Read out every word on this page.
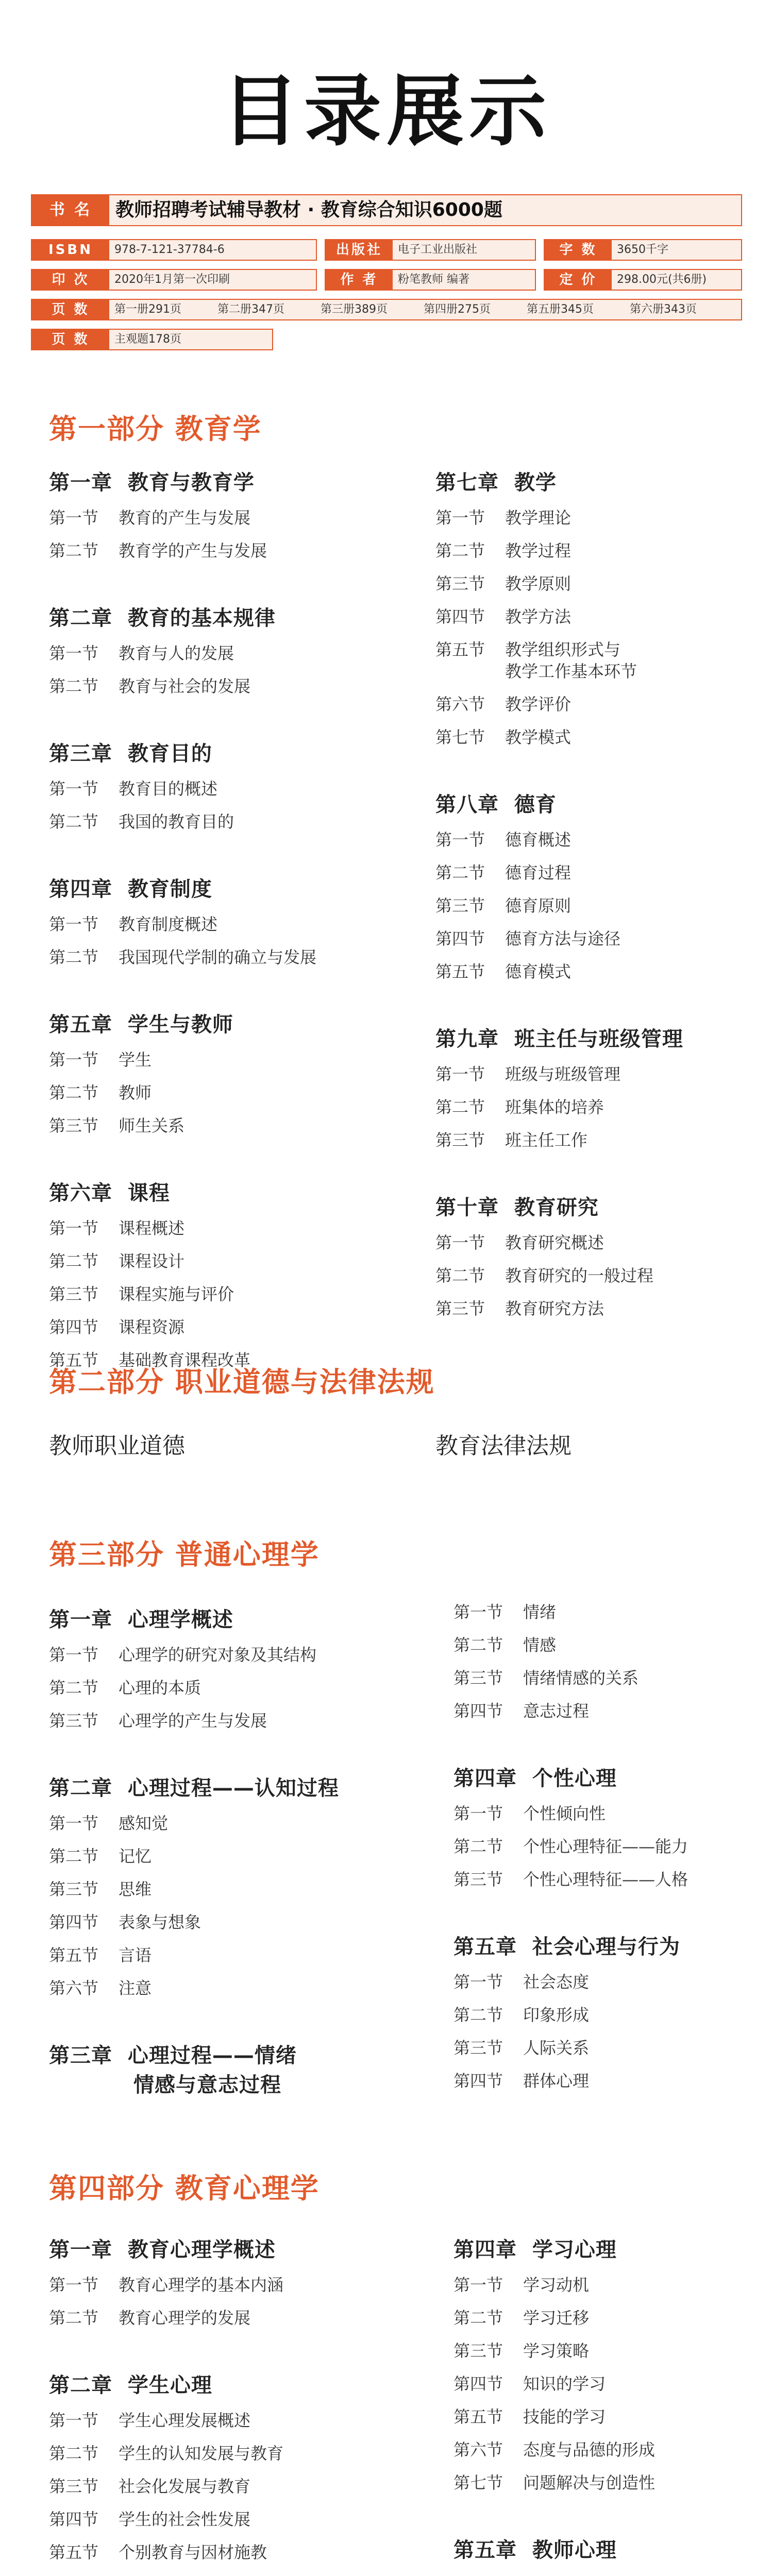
目录展示
书 名	教师招聘考试辅导教材 · 教育综合知识6000题
ISBN	978-7-121-37784-6	出版社	电子工业出版社	字 数	3650千字
印 次	2020年1月第一次印刷	作 者	粉笔教师 编著	定 价	298.00元(共6册)
页 数	第一册291页	第二册347页	第三册389页	第四册275页	第五册345页	第六册343页
页 数	主观题178页
第一部分 教育学
第二部分 职业道德与法律法规
第三部分 普通心理学
第四部分 教育心理学
第一章  教育与教育学
第一节	教育的产生与发展
第二节	教育学的产生与发展
第二章  教育的基本规律
第一节	教育与人的发展
第二节	教育与社会的发展
第三章  教育目的
第一节	教育目的概述
第二节	我国的教育目的
第四章  教育制度
第一节	教育制度概述
第二节	我国现代学制的确立与发展
第五章  学生与教师
第一节	学生
第二节	教师
第三节	师生关系
第六章  课程
第一节	课程概述
第二节	课程设计
第三节	课程实施与评价
第四节	课程资源
第五节	基础教育课程改革
第七章  教学
第一节	教学理论
第二节	教学过程
第三节	教学原则
第四节	教学方法
第五节	教学组织形式与
教学工作基本环节
第六节	教学评价
第七节	教学模式
第八章  德育
第一节	德育概述
第二节	德育过程
第三节	德育原则
第四节	德育方法与途径
第五节	德育模式
第九章  班主任与班级管理
第一节	班级与班级管理
第二节	班集体的培养
第三节	班主任工作
第十章  教育研究
第一节	教育研究概述
第二节	教育研究的一般过程
第三节	教育研究方法
教师职业道德	教育法律法规
第一章  心理学概述
第一节	心理学的研究对象及其结构
第二节	心理的本质
第三节	心理学的产生与发展
第二章  心理过程——认知过程
第一节	感知觉
第二节	记忆
第三节	思维
第四节	表象与想象
第五节	言语
第六节	注意
第三章  心理过程——情绪
　　　　情感与意志过程
第一节	情绪
第二节	情感
第三节	情绪情感的关系
第四节	意志过程
第四章  个性心理
第一节	个性倾向性
第二节	个性心理特征——能力
第三节	个性心理特征——人格
第五章  社会心理与行为
第一节	社会态度
第二节	印象形成
第三节	人际关系
第四节	群体心理
第一章  教育心理学概述
第一节	教育心理学的基本内涵
第二节	教育心理学的发展
第二章  学生心理
第一节	学生心理发展概述
第二节	学生的认知发展与教育
第三节	社会化发展与教育
第四节	学生的社会性发展
第五节	个别教育与因材施教
第四章  学习心理
第一节	学习动机
第二节	学习迁移
第三节	学习策略
第四节	知识的学习
第五节	技能的学习
第六节	态度与品德的形成
第七节	问题解决与创造性
第五章  教师心理
